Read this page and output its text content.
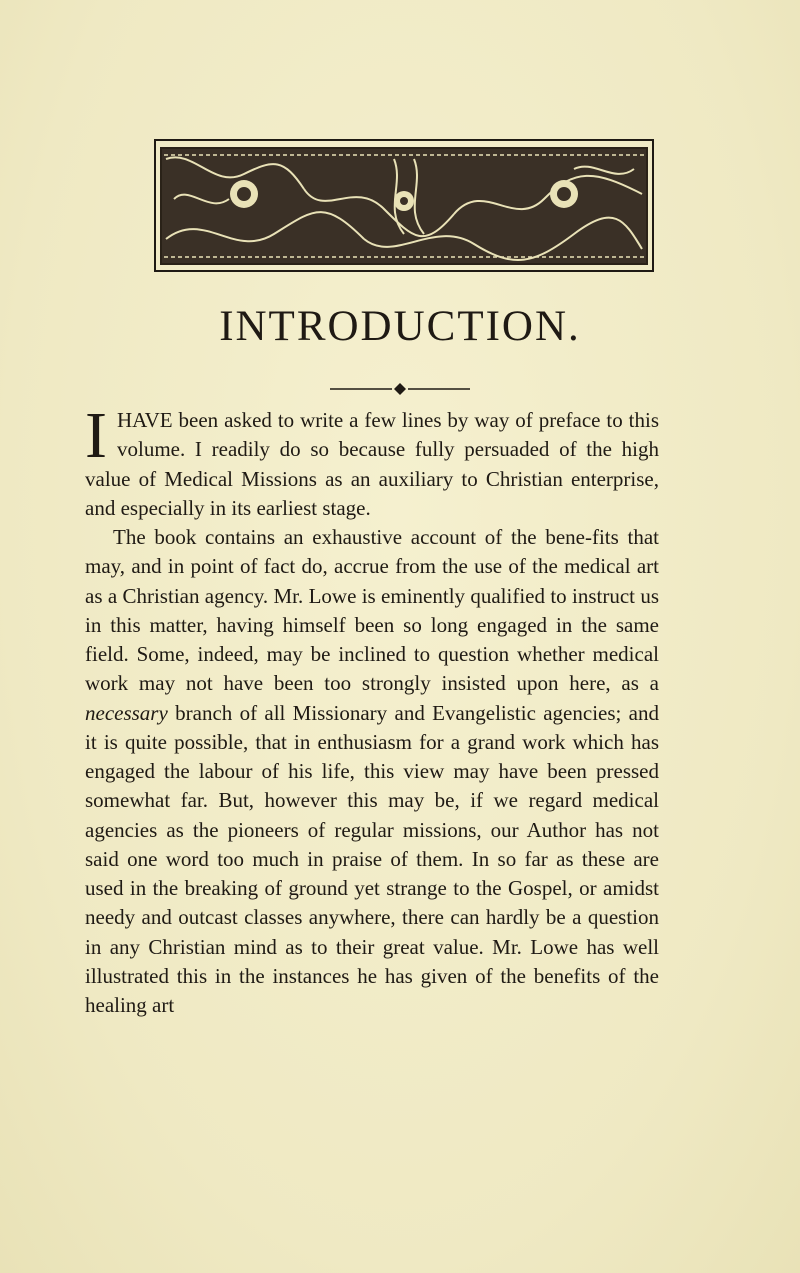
INTRODUCTION.

IHAVE been asked to write a few lines by way of preface to this volume. I readily do so because fully persuaded of the high value of Medical Missions as an auxiliary to Christian enterprise, and especially in its earliest stage.

The book contains an exhaustive account of the bene-fits that may, and in point of fact do, accrue from the use of the medical art as a Christian agency. Mr. Lowe is eminently qualified to instruct us in this matter, having himself been so long engaged in the same field. Some, indeed, may be inclined to question whether medical work may not have been too strongly insisted upon here, as a necessary branch of all Missionary and Evangelistic agencies; and it is quite possible, that in enthusiasm for a grand work which has engaged the labour of his life, this view may have been pressed somewhat far. But, however this may be, if we regard medical agencies as the pioneers of regular missions, our Author has not said one word too much in praise of them. In so far as these are used in the breaking of ground yet strange to the Gospel, or amidst needy and outcast classes anywhere, there can hardly be a question in any Christian mind as to their great value. Mr. Lowe has well illustrated this in the instances he has given of the benefits of the healing art
